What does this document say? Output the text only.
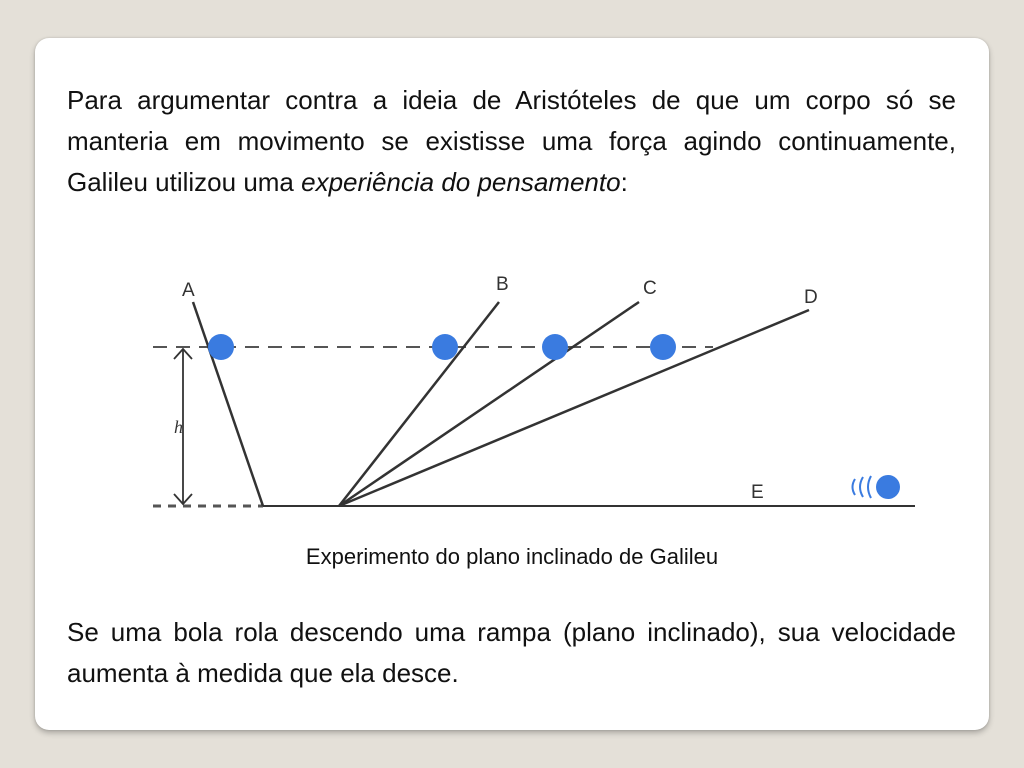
Para argumentar contra a ideia de Aristóteles de que um corpo só se manteria em movimento se existisse uma força agindo continuamente, Galileu utilizou uma experiência do pensamento:

h
A	B	C	D
E
Experimento do plano inclinado de Galileu

Se uma bola rola descendo uma rampa (plano inclinado), sua velocidade aumenta à medida que ela desce.
